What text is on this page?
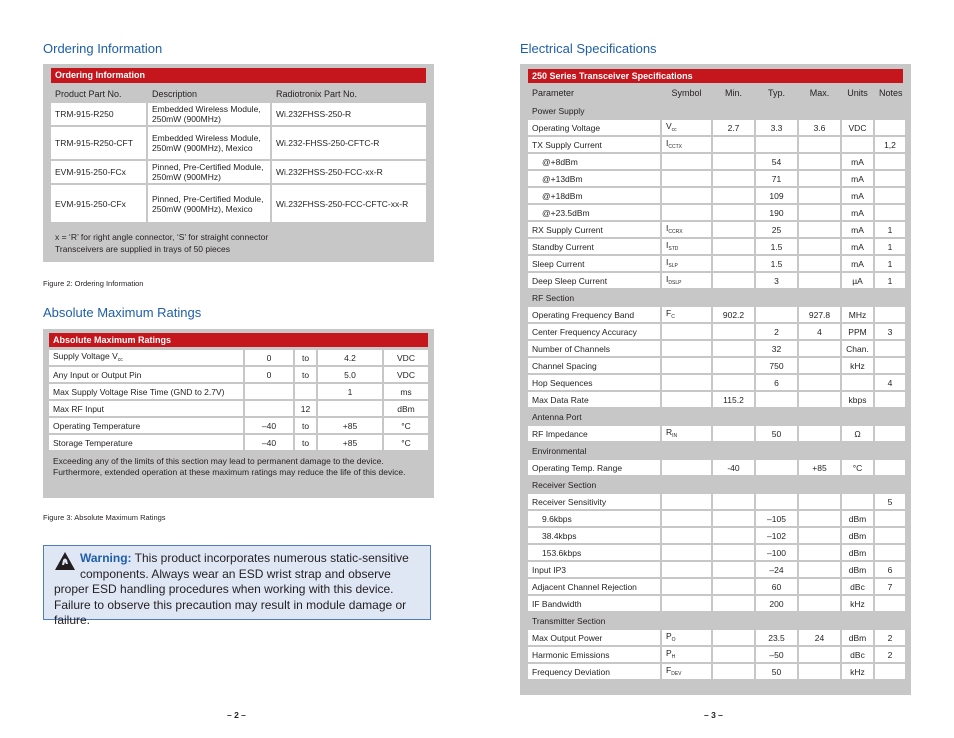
Ordering Information
Ordering Information
Product Part No.	Description	Radiotronix Part No.
TRM-915-R250	Embedded Wireless Module, 250mW (900MHz)	Wi.232FHSS-250-R
TRM-915-R250-CFT	Embedded Wireless Module, 250mW (900MHz), Mexico	Wi.232-FHSS-250-CFTC-R
EVM-915-250-FCx	Pinned, Pre-Certified Module, 250mW (900MHz)	Wi.232FHSS-250-FCC-xx-R
EVM-915-250-CFx	Pinned, Pre-Certified Module, 250mW (900MHz), Mexico	Wi.232FHSS-250-FCC-CFTC-xx-R
x = ‘R’ for right angle connector, ‘S’ for straight connector
Transceivers are supplied in trays of 50 pieces
Figure 2: Ordering Information
Absolute Maximum Ratings
Absolute Maximum Ratings
Supply Voltage $V_{cc}$	0	to	4.2	VDC
Any Input or Output Pin	0	to	5.0	VDC
Max Supply Voltage Rise Time (GND to 2.7V)			1	ms
Max RF Input		12		dBm
Operating Temperature	–40	to	+85	°C
Storage Temperature	–40	to	+85	°C
Exceeding any of the limits of this section may lead to permanent damage to the device. Furthermore, extended operation at these maximum ratings may reduce the life of this device.
Figure 3: Absolute Maximum Ratings
Warning: This product incorporates numerous static-sensitive components. Always wear an ESD wrist strap and observe proper ESD handling procedures when working with this device. Failure to observe this precaution may result in module damage or failure.
– 2 –
Electrical Specifications
250 Series Transceiver Specifications
Parameter	Symbol	Min.	Typ.	Max.	Units	Notes
Power Supply						
Operating Voltage	$V_{cc}$	2.7	3.3	3.6	VDC	
TX Supply Current	$I_{CCTX}$					1,2
@+8dBm			54		mA	
@+13dBm			71		mA	
@+18dBm			109		mA	
@+23.5dBm			190		mA	
RX Supply Current	$I_{CCRX}$		25		mA	1
Standby Current	$I_{STD}$		1.5		mA	1
Sleep Current	$I_{SLP}$		1.5		mA	1
Deep Sleep Current	$I_{DSLP}$		3		µA	1
RF Section						
Operating Frequency Band	$F_C$	902.2		927.8	MHz	
Center Frequency Accuracy			2	4	PPM	3
Number of Channels			32		Chan.	
Channel Spacing			750		kHz	
Hop Sequences			6			4
Max Data Rate		115.2			kbps	
Antenna Port						
RF Impedance	$R_{IN}$		50		Ω	
Environmental						
Operating Temp. Range		-40		+85	°C	
Receiver Section						
Receiver Sensitivity						5
9.6kbps			–105		dBm	
38.4kbps			–102		dBm	
153.6kbps			–100		dBm	
Input IP3			–24		dBm	6
Adjacent Channel Rejection			60		dBc	7
IF Bandwidth			200		kHz	
Transmitter Section						
Max Output Power	$P_O$		23.5	24	dBm	2
Harmonic Emissions	$P_H$		–50		dBc	2
Frequency Deviation	$F_{DEV}$		50		kHz	
– 3 –
